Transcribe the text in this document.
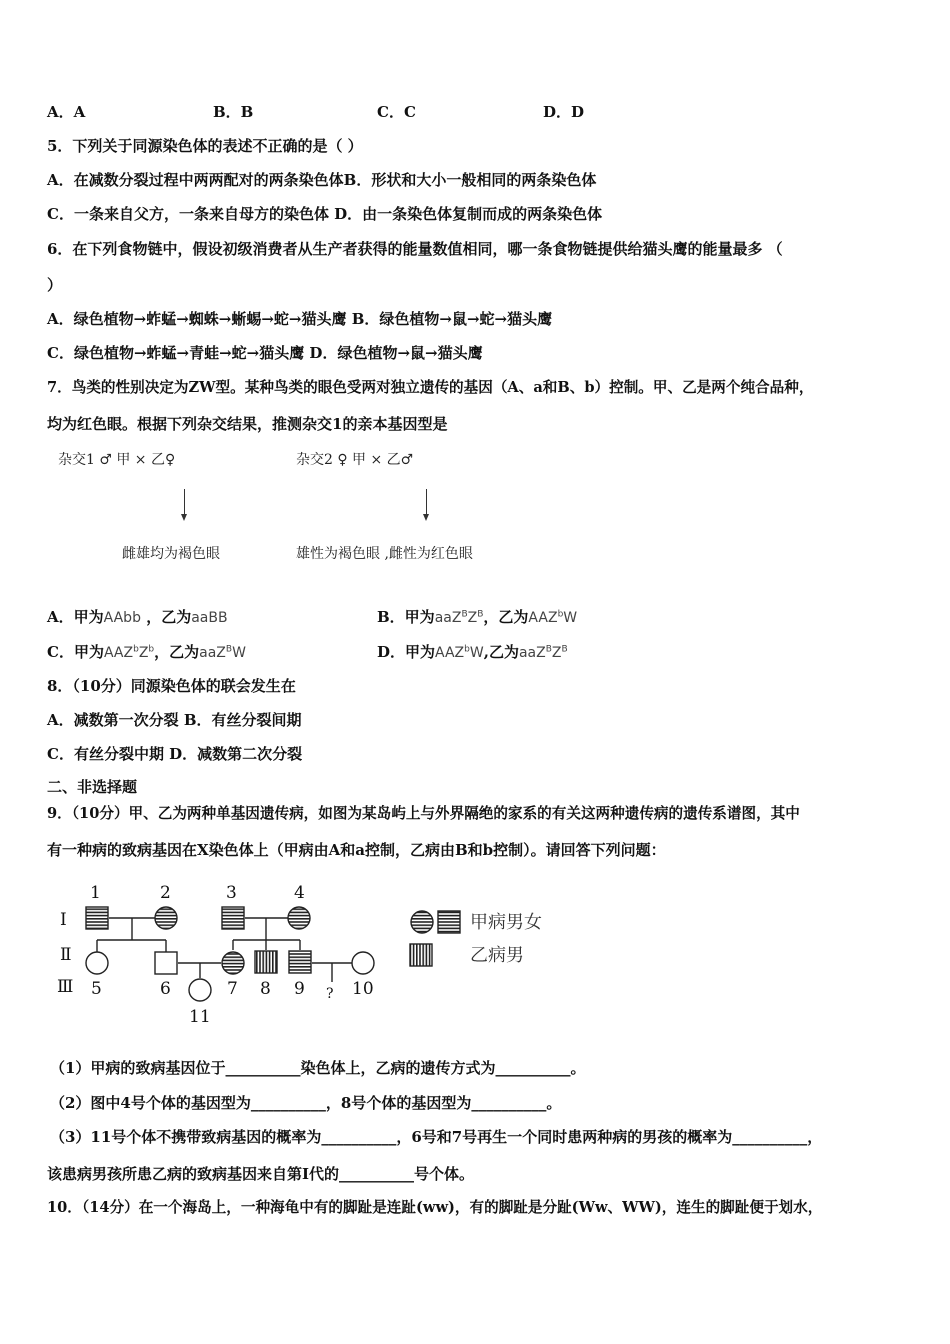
A．A	B．B	C．C	D．D
5．下列关于同源染色体的表述不正确的是（ ）
A．在减数分裂过程中两两配对的两条染色体B．形状和大小一般相同的两条染色体
C．一条来自父方，一条来自母方的染色体 D．由一条染色体复制而成的两条染色体
6．在下列食物链中，假设初级消费者从生产者获得的能量数值相同，哪一条食物链提供给猫头鹰的能量最多 （
）
A．绿色植物→蚱蜢→蜘蛛→蜥蜴→蛇→猫头鹰 B．绿色植物→鼠→蛇→猫头鹰
C．绿色植物→蚱蜢→青蛙→蛇→猫头鹰 D．绿色植物→鼠→猫头鹰
7．鸟类的性别决定为ZW型。某种鸟类的眼色受两对独立遗传的基因（A、a和B、b）控制。甲、乙是两个纯合品种，
均为红色眼。根据下列杂交结果，推测杂交1的亲本基因型是
杂交1 ♂ 甲 × 乙♀	杂交2 ♀ 甲 × 乙♂
雌雄均为褐色眼	雄性为褐色眼 ,雌性为红色眼
A．甲为AAbb ，乙为aaBB	B．甲为$aaZ^BZ^B$，乙为AAZ$^b$W
C．甲为$AAZ^bZ^b$，乙为aaZ$^B$W	D．甲为AAZ$^b$W,乙为$aaZ^BZ^B$
8．（10分）同源染色体的联会发生在
A．减数第一次分裂 B．有丝分裂间期
C．有丝分裂中期 D．减数第二次分裂
二、非选择题
9．（10分）甲、乙为两种单基因遗传病，如图为某岛屿上与外界隔绝的家系的有关这两种遗传病的遗传系谱图，其中
有一种病的致病基因在X染色体上（甲病由A和a控制，乙病由B和b控制）。请回答下列问题：
Ⅰ
Ⅱ
Ⅲ
1	2	3	4
5	6	7 8 9	10
11
?
甲病男女
乙病男
（1）甲病的致病基因位于__________染色体上，乙病的遗传方式为__________。
（2）图中4号个体的基因型为__________，8号个体的基因型为__________。
（3）11号个体不携带致病基因的概率为__________，6号和7号再生一个同时患两种病的男孩的概率为__________，
该患病男孩所患乙病的致病基因来自第Ⅰ代的__________号个体。
10．（14分）在一个海岛上，一种海龟中有的脚趾是连趾(ww)，有的脚趾是分趾(Ww、WW)，连生的脚趾便于划水，
